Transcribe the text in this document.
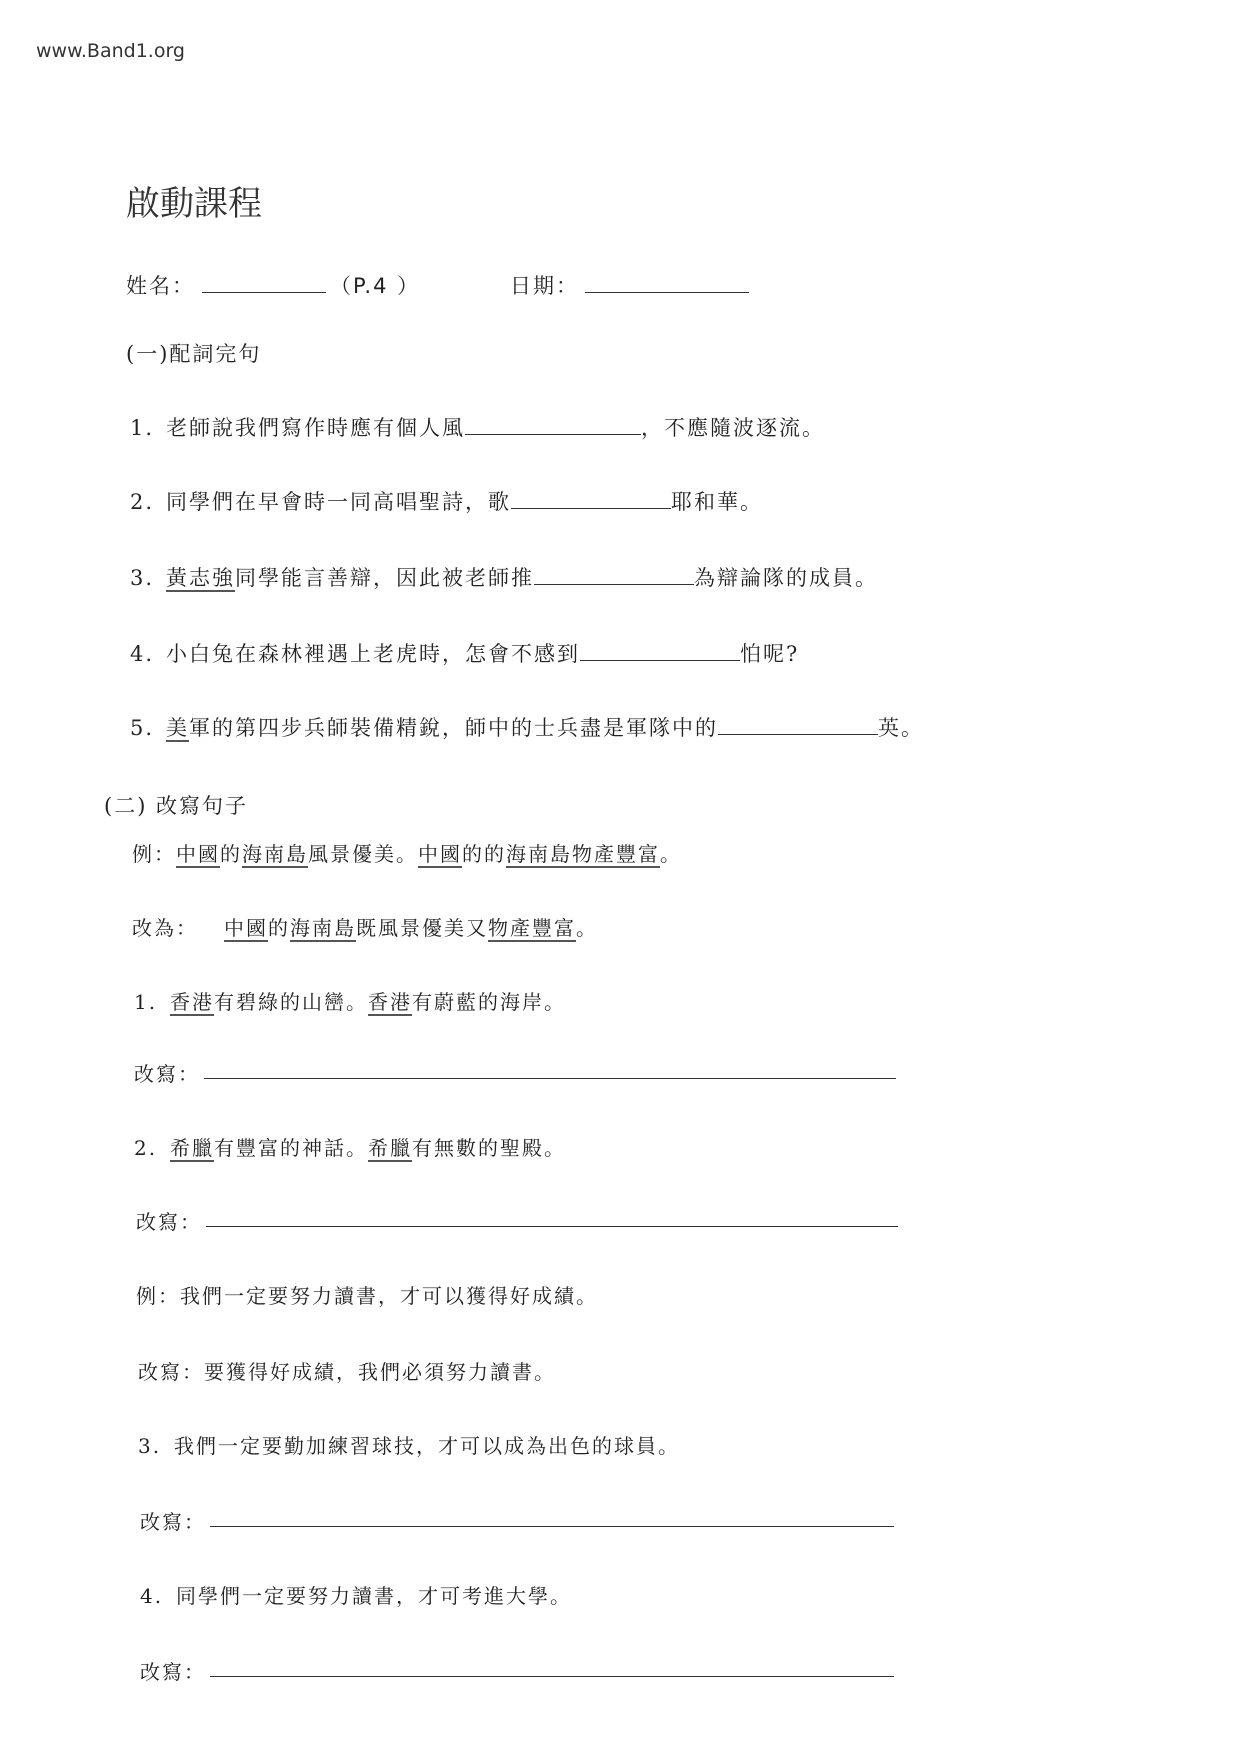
www.Band1.org
啟動課程
姓名：	（P.4 ）	日期：
(一)配詞完句
1. 老師說我們寫作時應有個人風	，不應隨波逐流。
2. 同學們在早會時一同高唱聖詩，歌	耶和華。
3. 黃志強同學能言善辯，因此被老師推	為辯論隊的成員。
4. 小白兔在森林裡遇上老虎時，怎會不感到	怕呢?
5. 美軍的第四步兵師裝備精銳，師中的士兵盡是軍隊中的	英。
(二) 改寫句子
例：中國的海南島風景優美。中國的的海南島物產豐富。
改為： 中國的海南島既風景優美又物產豐富。
1. 香港有碧綠的山巒。香港有蔚藍的海岸。
改寫：
2. 希臘有豐富的神話。希臘有無數的聖殿。
改寫：
例：我們一定要努力讀書，才可以獲得好成績。
改寫：要獲得好成績，我們必須努力讀書。
3. 我們一定要勤加練習球技，才可以成為出色的球員。
改寫：
4. 同學們一定要努力讀書，才可考進大學。
改寫：
